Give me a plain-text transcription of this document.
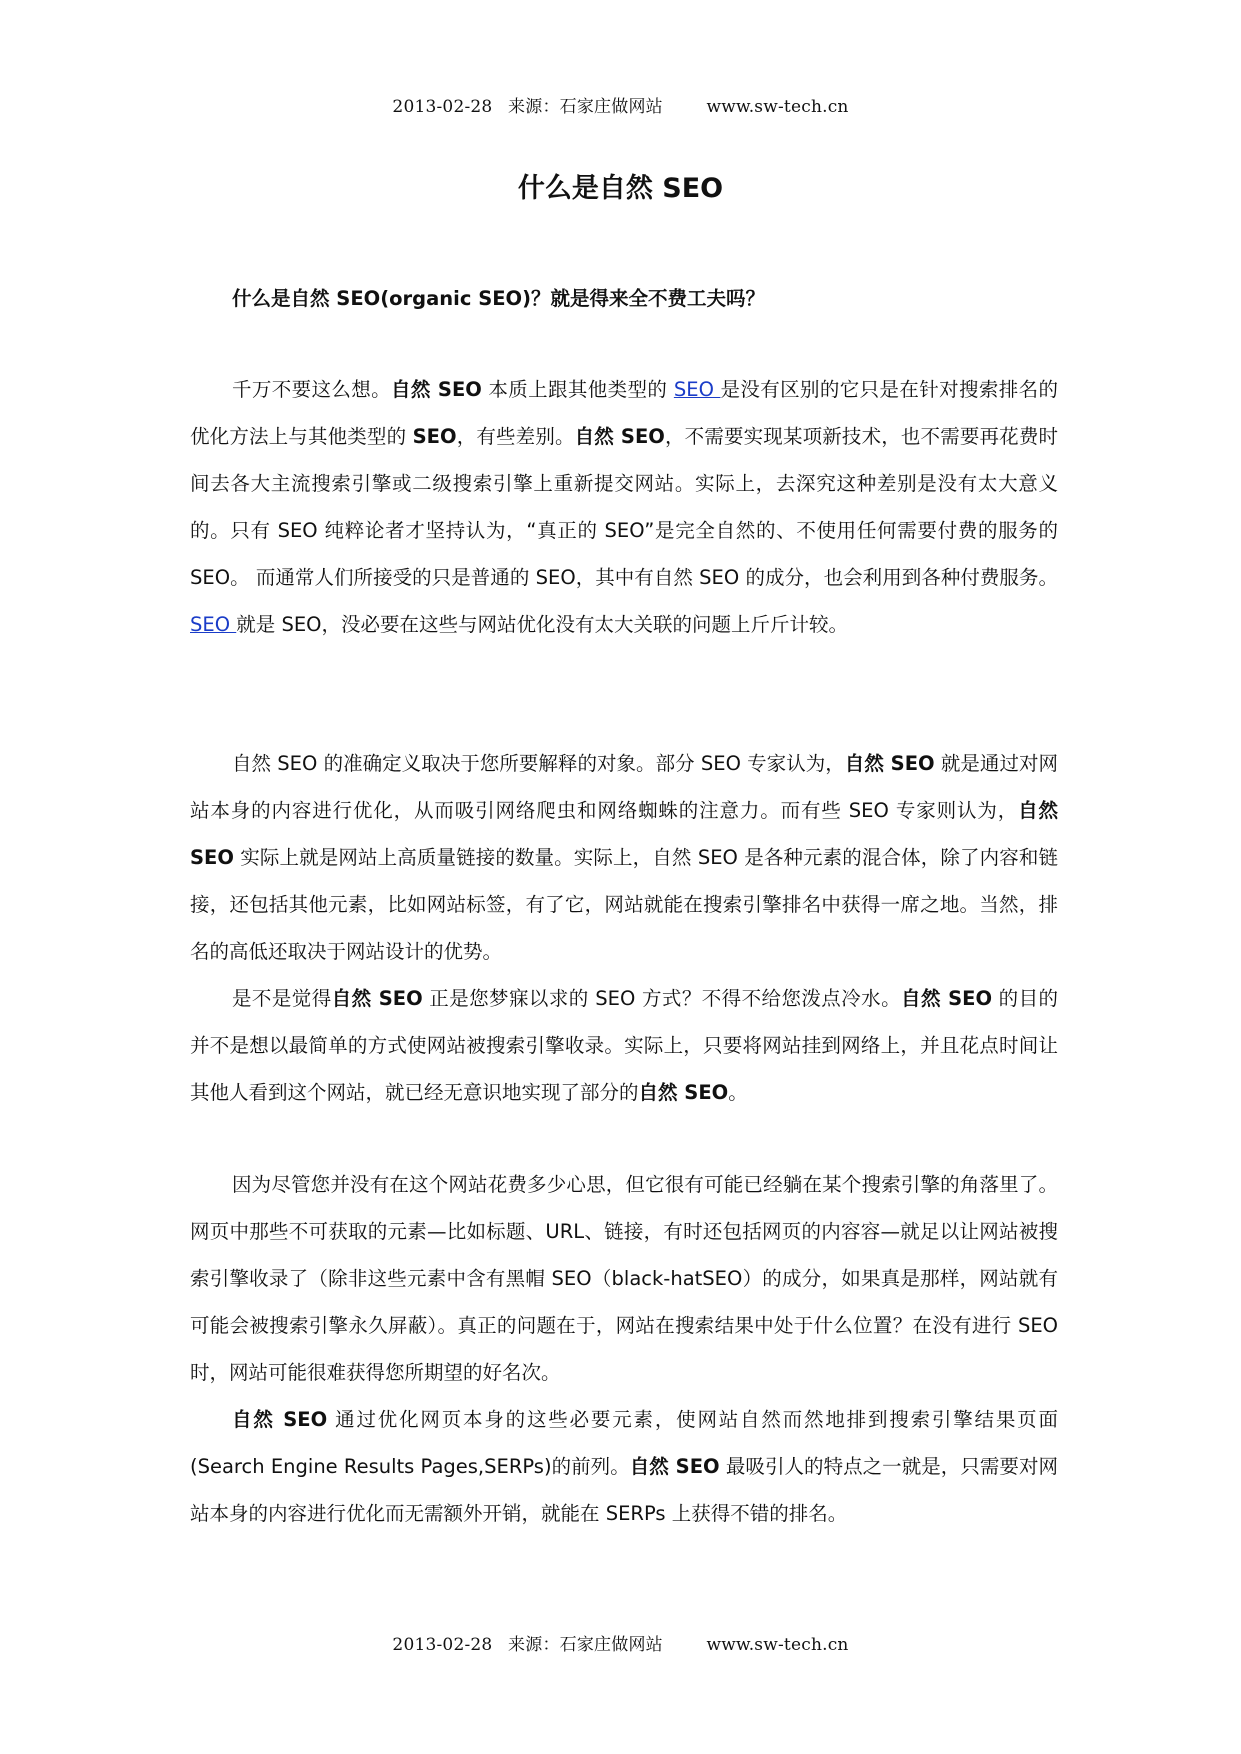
2013-02-28 来源：石家庄做网站	www.sw-tech.cn
什么是自然 SEO
什么是自然 SEO(organic SEO)？就是得来全不费工夫吗？
千万不要这么想。自然 SEO 本质上跟其他类型的 SEO 是没有区别的它只是在针对搜索排名的优化方法上与其他类型的 SEO，有些差别。自然 SEO，不需要实现某项新技术，也不需要再花费时间去各大主流搜索引擎或二级搜索引擎上重新提交网站。实际上，去深究这种差别是没有太大意义的。只有 SEO 纯粹论者才坚持认为，“真正的 SEO”是完全自然的、不使用任何需要付费的服务的 SEO。 而通常人们所接受的只是普通的 SEO，其中有自然 SEO 的成分，也会利用到各种付费服务。SEO 就是 SEO，没必要在这些与网站优化没有太大关联的问题上斤斤计较。
自然 SEO 的准确定义取决于您所要解释的对象。部分 SEO 专家认为，自然 SEO 就是通过对网站本身的内容进行优化，从而吸引网络爬虫和网络蜘蛛的注意力。而有些 SEO 专家则认为，自然 SEO 实际上就是网站上高质量链接的数量。实际上，自然 SEO 是各种元素的混合体，除了内容和链接，还包括其他元素，比如网站标签，有了它，网站就能在搜索引擎排名中获得一席之地。当然，排名的高低还取决于网站设计的优势。
是不是觉得自然 SEO 正是您梦寐以求的 SEO 方式？不得不给您泼点冷水。自然 SEO 的目的并不是想以最简单的方式使网站被搜索引擎收录。实际上，只要将网站挂到网络上，并且花点时间让其他人看到这个网站，就已经无意识地实现了部分的自然 SEO。
因为尽管您并没有在这个网站花费多少心思，但它很有可能已经躺在某个搜索引擎的角落里了。网页中那些不可获取的元素—比如标题、URL、链接，有时还包括网页的内容容—就足以让网站被搜索引擎收录了（除非这些元素中含有黑帽 SEO（black-hatSEO）的成分，如果真是那样，网站就有可能会被搜索引擎永久屏蔽）。真正的问题在于，网站在搜索结果中处于什么位置？在没有进行 SEO 时，网站可能很难获得您所期望的好名次。
自然 SEO 通过优化网页本身的这些必要元素，使网站自然而然地排到搜索引擎结果页面(Search Engine Results Pages,SERPs)的前列。自然 SEO 最吸引人的特点之一就是，只需要对网站本身的内容进行优化而无需额外开销，就能在 SERPs 上获得不错的排名。
2013-02-28 来源：石家庄做网站	www.sw-tech.cn
